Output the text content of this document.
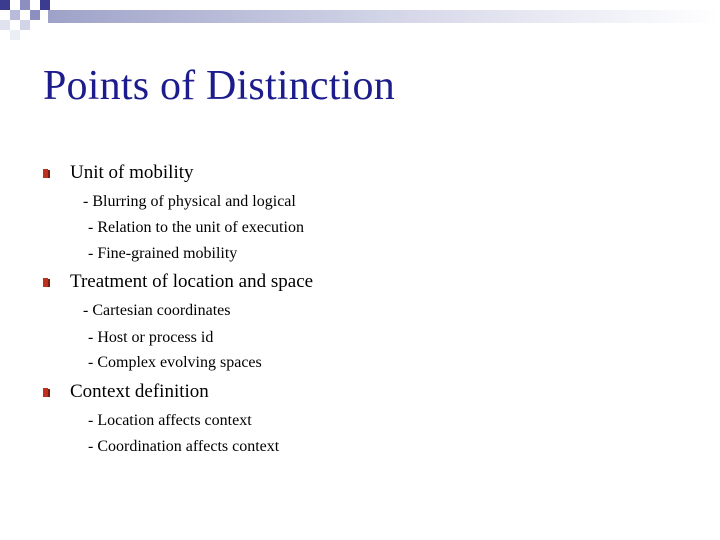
Points of Distinction
Unit of mobility
- Blurring of physical and logical
- Relation to the unit of execution
- Fine-grained mobility
Treatment of location and space
- Cartesian coordinates
- Host or process id
- Complex evolving spaces
Context definition
- Location affects context
- Coordination affects context
